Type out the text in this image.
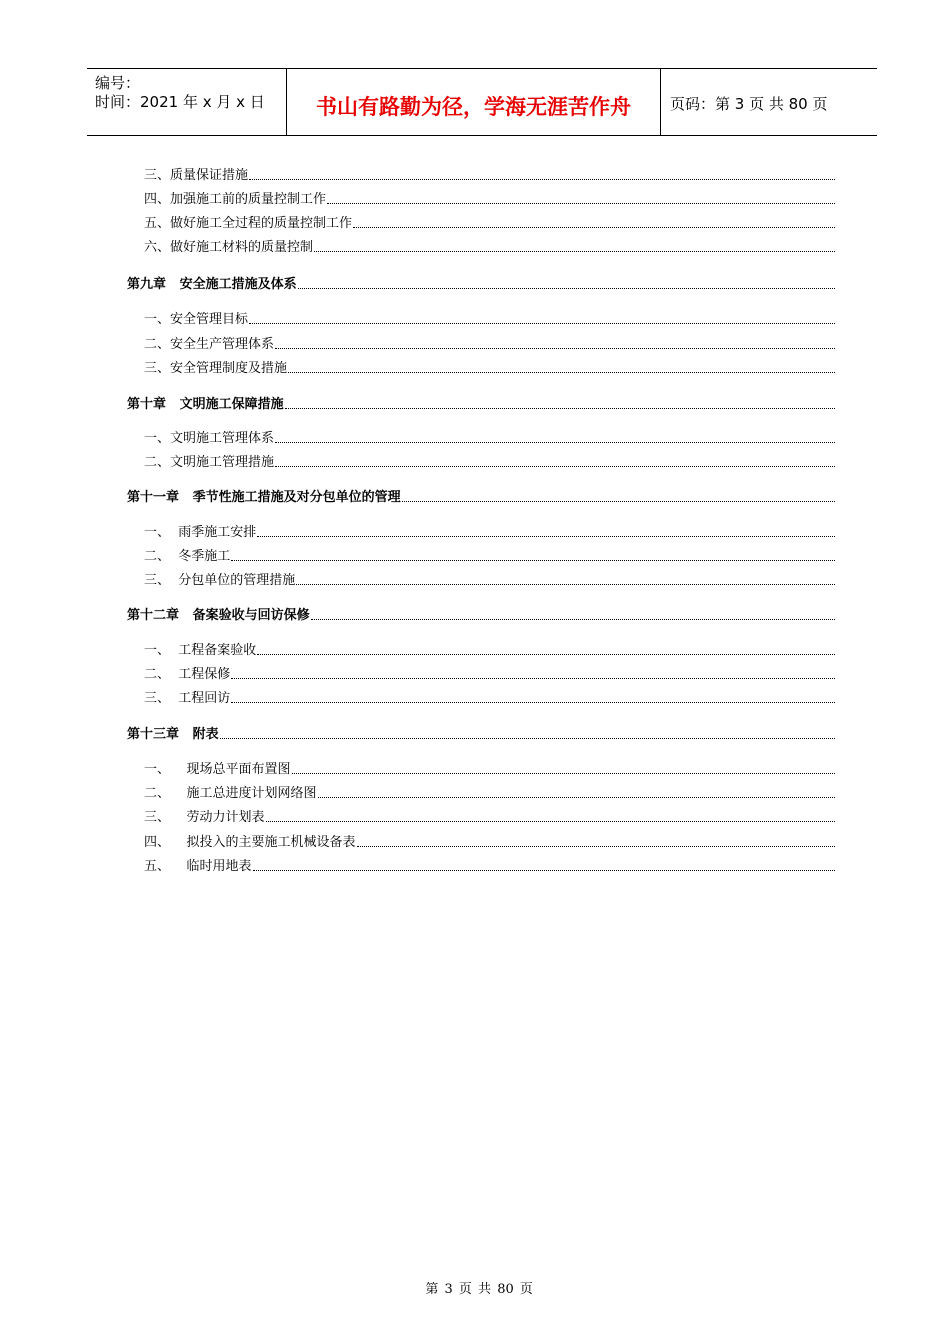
编号：
时间：2021 年 x 月 x 日	书山有路勤为径，学海无涯苦作舟	页码：第 3 页 共 80 页
三、质量保证措施
四、加强施工前的质量控制工作
五、做好施工全过程的质量控制工作
六、做好施工材料的质量控制
第九章   安全施工措施及体系
一、安全管理目标
二、安全生产管理体系
三、安全管理制度及措施
第十章   文明施工保障措施
一、文明施工管理体系
二、文明施工管理措施
第十一章   季节性施工措施及对分包单位的管理
一、  雨季施工安排
二、  冬季施工
三、  分包单位的管理措施
第十二章   备案验收与回访保修
一、  工程备案验收
二、  工程保修
三、  工程回访
第十三章   附表
一、    现场总平面布置图
二、    施工总进度计划网络图
三、    劳动力计划表
四、    拟投入的主要施工机械设备表
五、    临时用地表

第 3 页 共 80 页
